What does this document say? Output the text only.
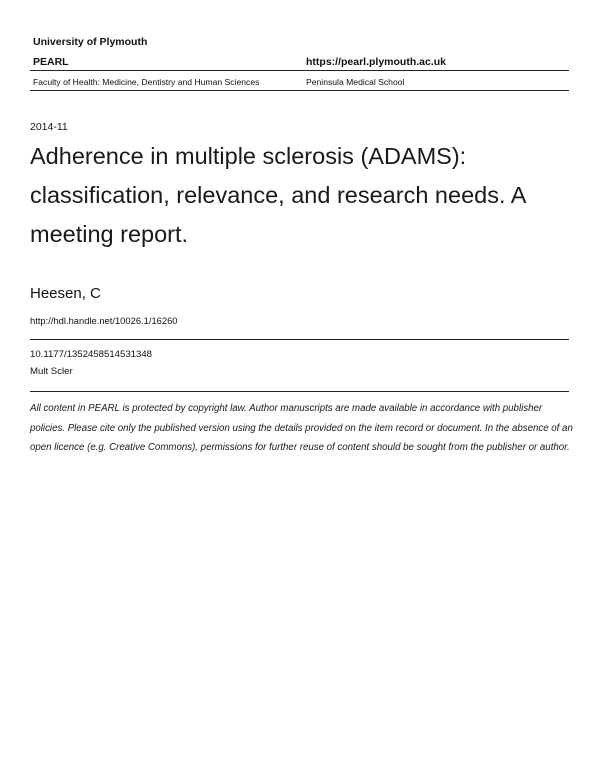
University of Plymouth
PEARL	https://pearl.plymouth.ac.uk
Faculty of Health: Medicine, Dentistry and Human Sciences	Peninsula Medical School
2014-11
Adherence in multiple sclerosis (ADAMS): classification, relevance, and research needs. A meeting report.
Heesen, C
http://hdl.handle.net/10026.1/16260
10.1177/1352458514531348
Mult Scler
All content in PEARL is protected by copyright law. Author manuscripts are made available in accordance with publisher policies. Please cite only the published version using the details provided on the item record or document. In the absence of an open licence (e.g. Creative Commons), permissions for further reuse of content should be sought from the publisher or author.
